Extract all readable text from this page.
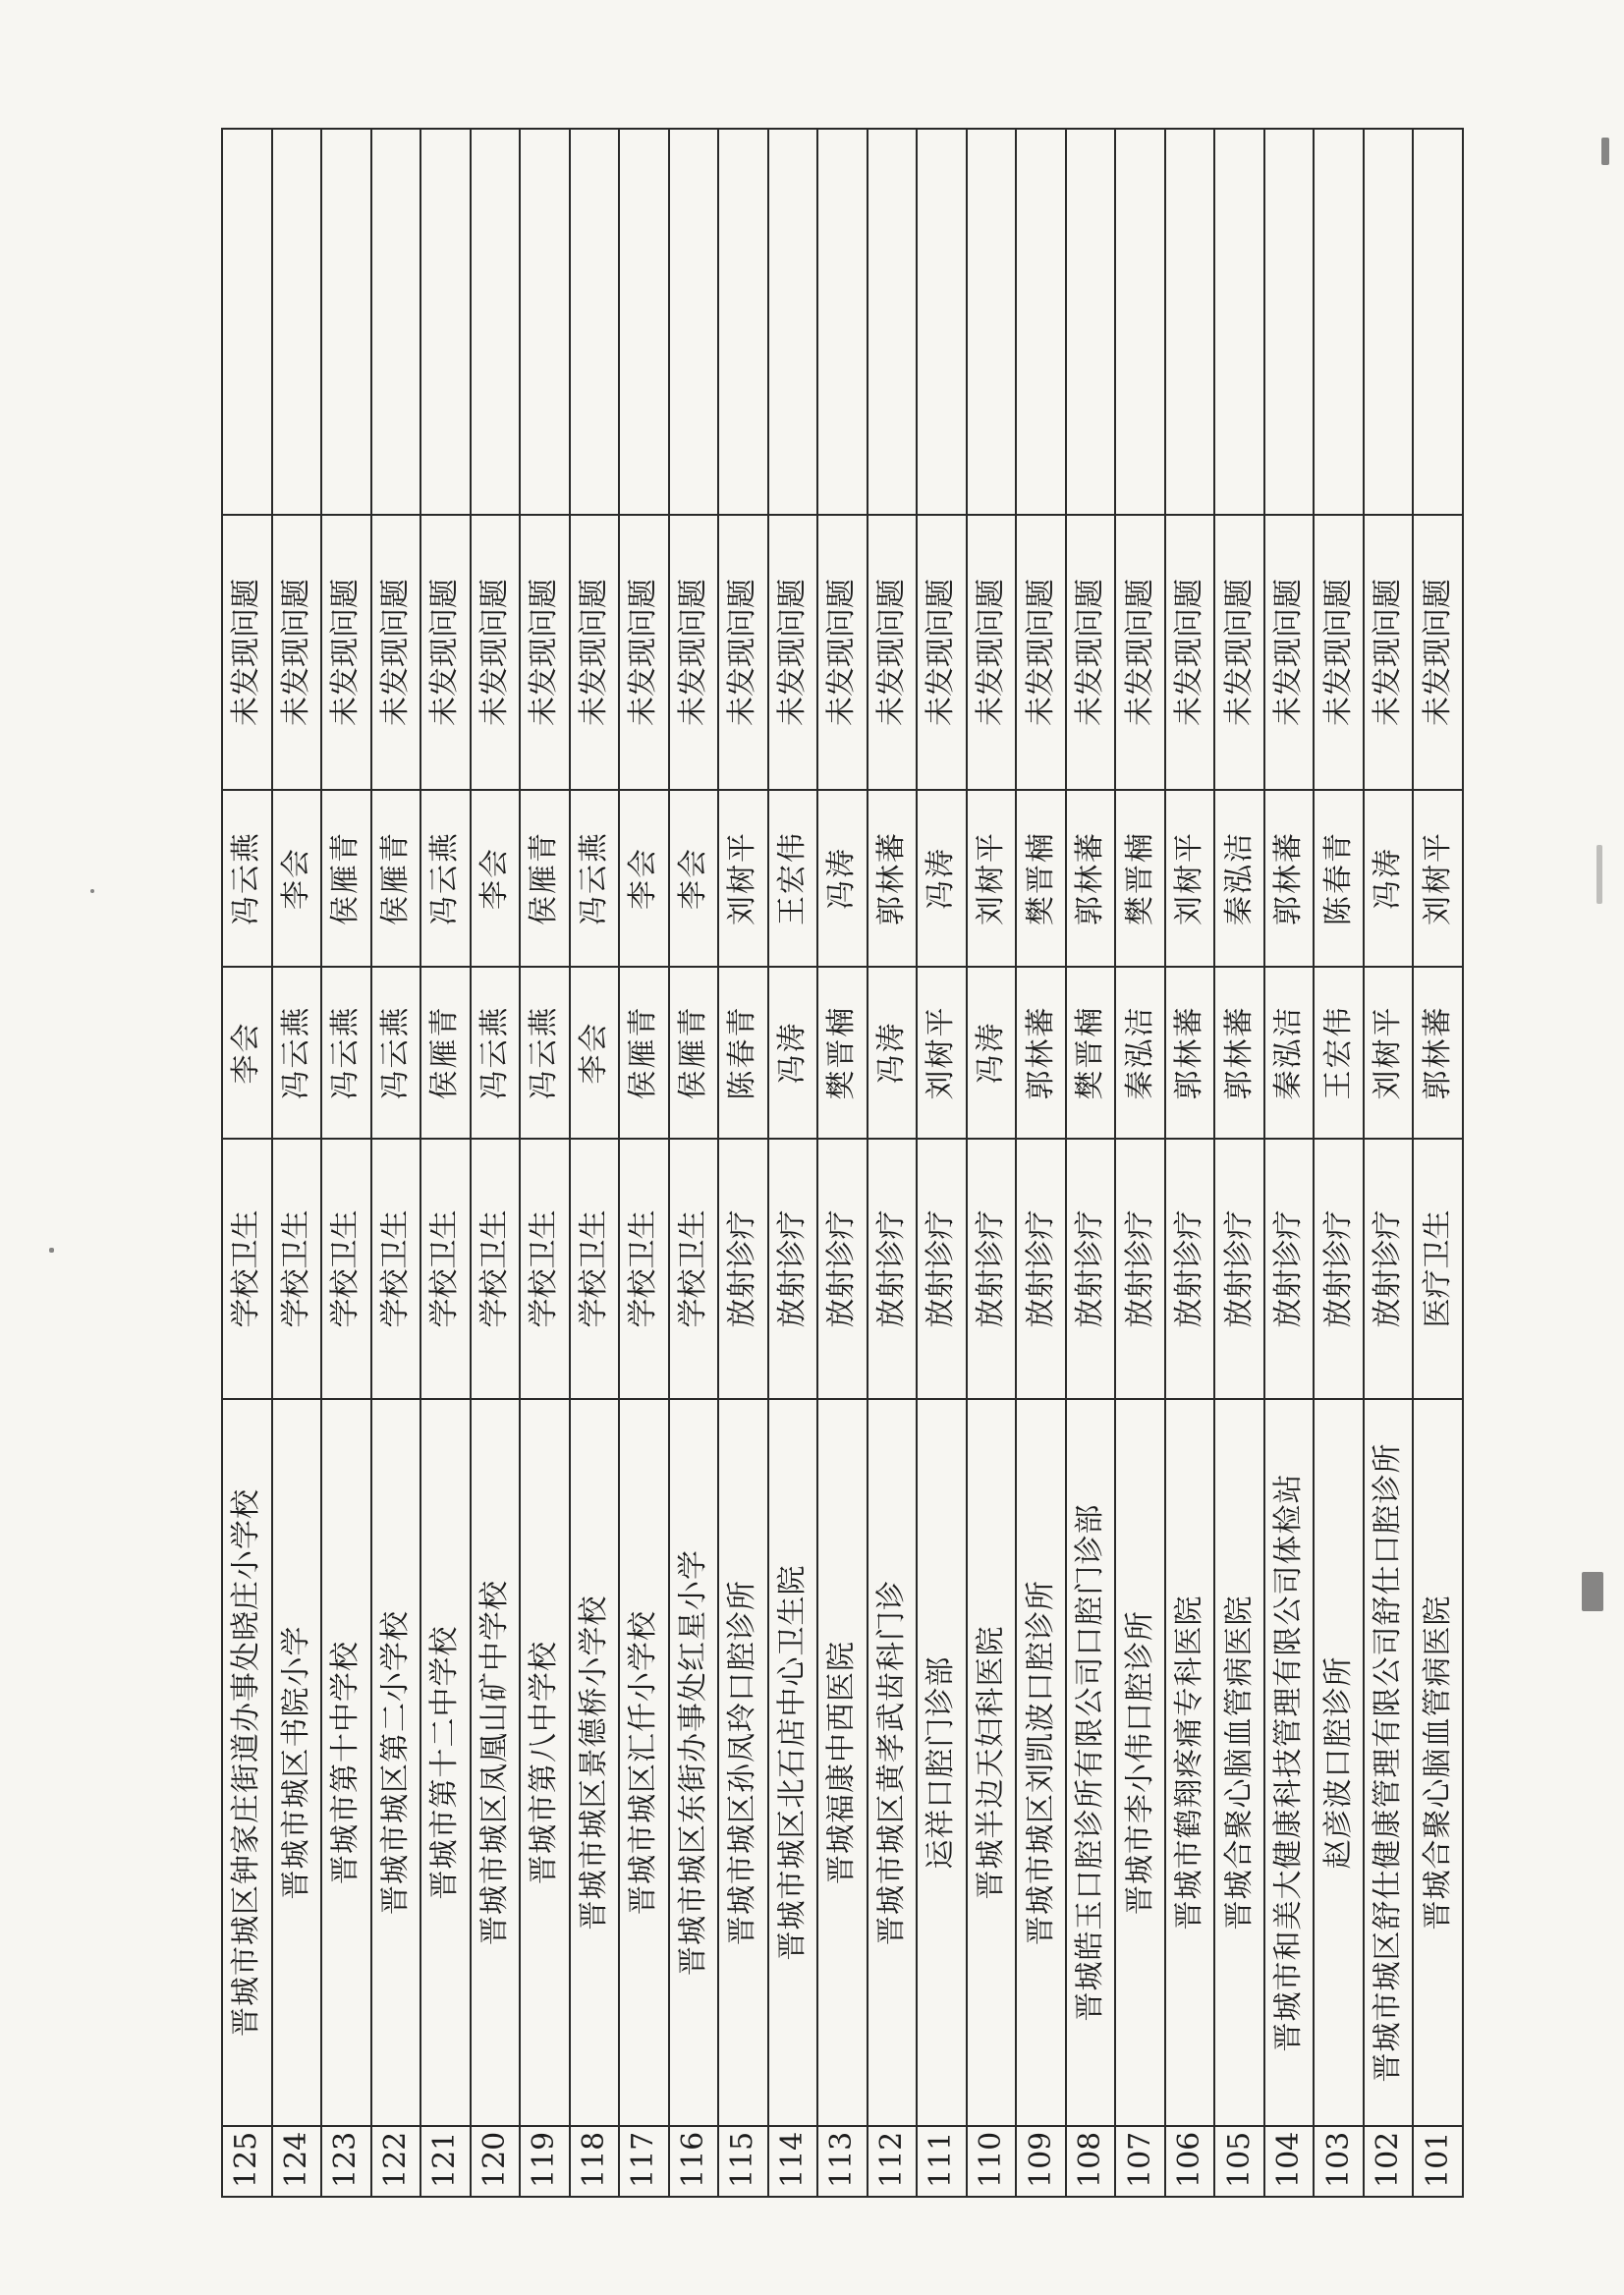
125	晋城市城区钟家庄街道办事处晓庄小学校	学校卫生	李会	冯云燕	未发现问题	
124	晋城市城区书院小学	学校卫生	冯云燕	李会	未发现问题	
123	晋城市第十中学校	学校卫生	冯云燕	侯雁青	未发现问题	
122	晋城市城区第二小学校	学校卫生	冯云燕	侯雁青	未发现问题	
121	晋城市第十二中学校	学校卫生	侯雁青	冯云燕	未发现问题	
120	晋城市城区凤凰山矿中学校	学校卫生	冯云燕	李会	未发现问题	
119	晋城市第八中学校	学校卫生	冯云燕	侯雁青	未发现问题	
118	晋城市城区景德桥小学校	学校卫生	李会	冯云燕	未发现问题	
117	晋城市城区汇仟小学校	学校卫生	侯雁青	李会	未发现问题	
116	晋城市城区东街办事处红星小学	学校卫生	侯雁青	李会	未发现问题	
115	晋城市城区孙凤玲口腔诊所	放射诊疗	陈春青	刘树平	未发现问题	
114	晋城市城区北石店中心卫生院	放射诊疗	冯涛	王宏伟	未发现问题	
113	晋城福康中西医院	放射诊疗	樊晋楠	冯涛	未发现问题	
112	晋城市城区黄孝武齿科门诊	放射诊疗	冯涛	郭林蕃	未发现问题	
111	运祥口腔门诊部	放射诊疗	刘树平	冯涛	未发现问题	
110	晋城半边天妇科医院	放射诊疗	冯涛	刘树平	未发现问题	
109	晋城市城区刘凯波口腔诊所	放射诊疗	郭林蕃	樊晋楠	未发现问题	
108	晋城皓玉口腔诊所有限公司口腔门诊部	放射诊疗	樊晋楠	郭林蕃	未发现问题	
107	晋城市李小伟口腔诊所	放射诊疗	秦泓洁	樊晋楠	未发现问题	
106	晋城市鹤翔疼痛专科医院	放射诊疗	郭林蕃	刘树平	未发现问题	
105	晋城合聚心脑血管病医院	放射诊疗	郭林蕃	秦泓洁	未发现问题	
104	晋城市和美大健康科技管理有限公司体检站	放射诊疗	秦泓洁	郭林蕃	未发现问题	
103	赵彦波口腔诊所	放射诊疗	王宏伟	陈春青	未发现问题	
102	晋城市城区舒仕健康管理有限公司舒仕口腔诊所	放射诊疗	刘树平	冯涛	未发现问题	
101	晋城合聚心脑血管病医院	医疗卫生	郭林蕃	刘树平	未发现问题	
